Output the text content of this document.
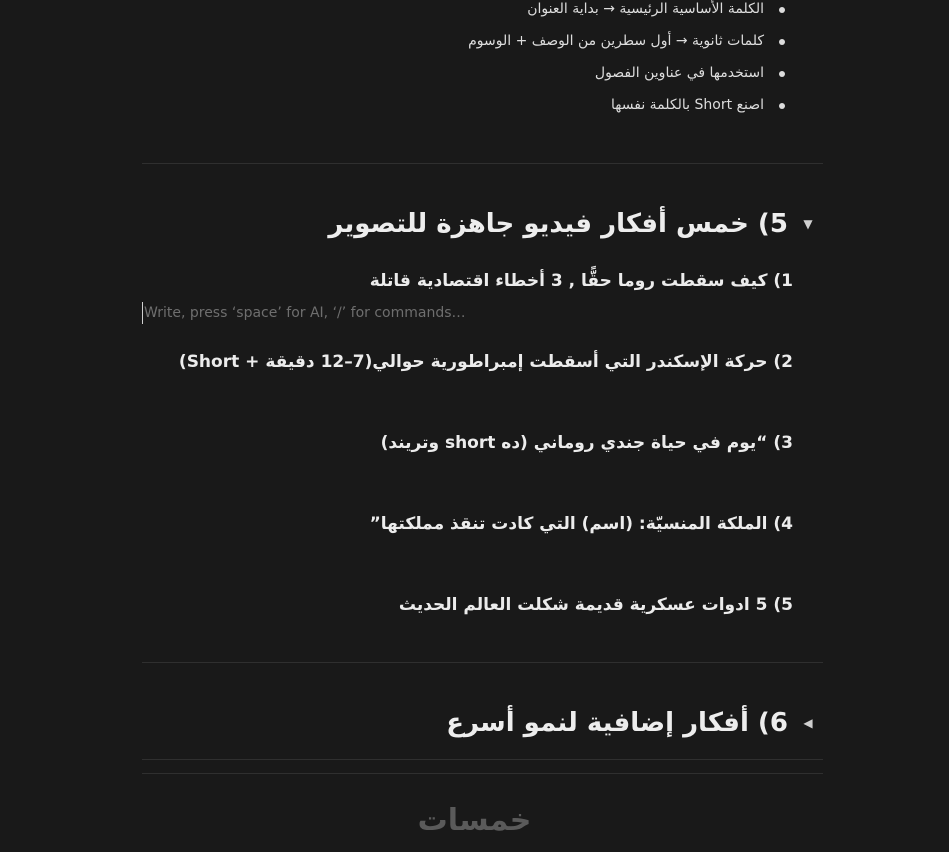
الكلمة الأساسية الرئيسية → بداية العنوان
كلمات ثانوية → أول سطرين من الوصف + الوسوم
استخدمها في عناوين الفصول
اصنع Short بالكلمة نفسها
▼ 5) خمس أفكار فيديو جاهزة للتصوير
1) كيف سقطت روما حقًّا , 3 أخطاء اقتصادية قاتلة
Write, press ‘space’ for AI, ‘/’ for commands…
2) حركة الإسكندر التي أسقطت إمبراطورية حوالي(7–12 دقيقة + Short)
3) “يوم في حياة جندي روماني (ده short وتريند)
4) الملكة المنسيّة: (اسم) التي كادت تنقذ مملكتها”
5) 5 ادوات عسكرية قديمة شكلت العالم الحديث
◀ 6) أفكار إضافية لنمو أسرع
خمسات
